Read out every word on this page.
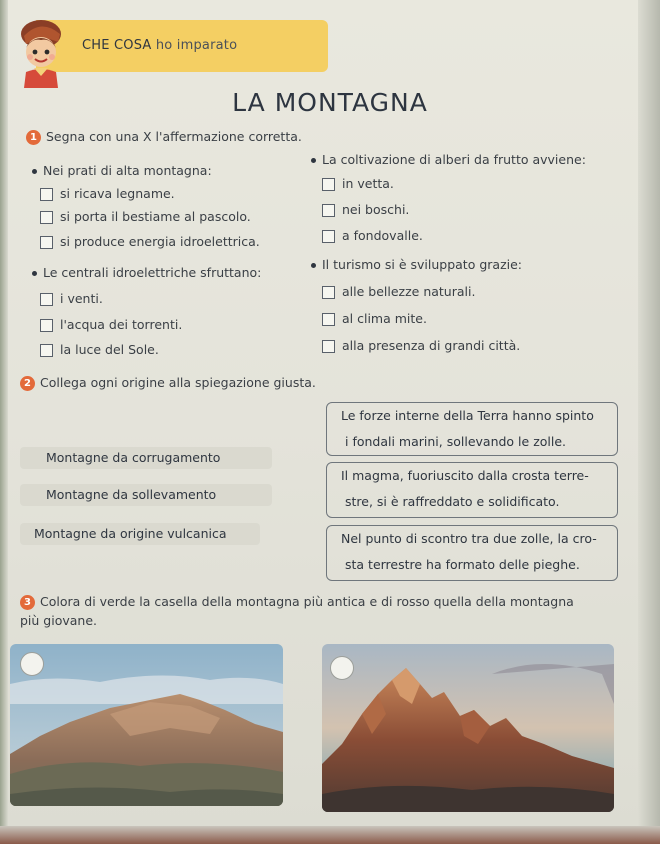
CHE COSA ho imparato
LA MONTAGNA
1 Segna con una X l'affermazione corretta.
Nei prati di alta montagna:
si ricava legname.
si porta il bestiame al pascolo.
si produce energia idroelettrica.
La coltivazione di alberi da frutto avviene:
in vetta.
nei boschi.
a fondovalle.
Le centrali idroelettriche sfruttano:
i venti.
l'acqua dei torrenti.
la luce del Sole.
Il turismo si è sviluppato grazie:
alle bellezze naturali.
al clima mite.
alla presenza di grandi città.
2 Collega ogni origine alla spiegazione giusta.
Montagne da corrugamento
Montagne da sollevamento
Montagne da origine vulcanica
Le forze interne della Terra hanno spinto
i fondali marini, sollevando le zolle.
Il magma, fuoriuscito dalla crosta terre-
stre, si è raffreddato e solidificato.
Nel punto di scontro tra due zolle, la cro-
sta terrestre ha formato delle pieghe.
3 Colora di verde la casella della montagna più antica e di rosso quella della montagna
più giovane.
